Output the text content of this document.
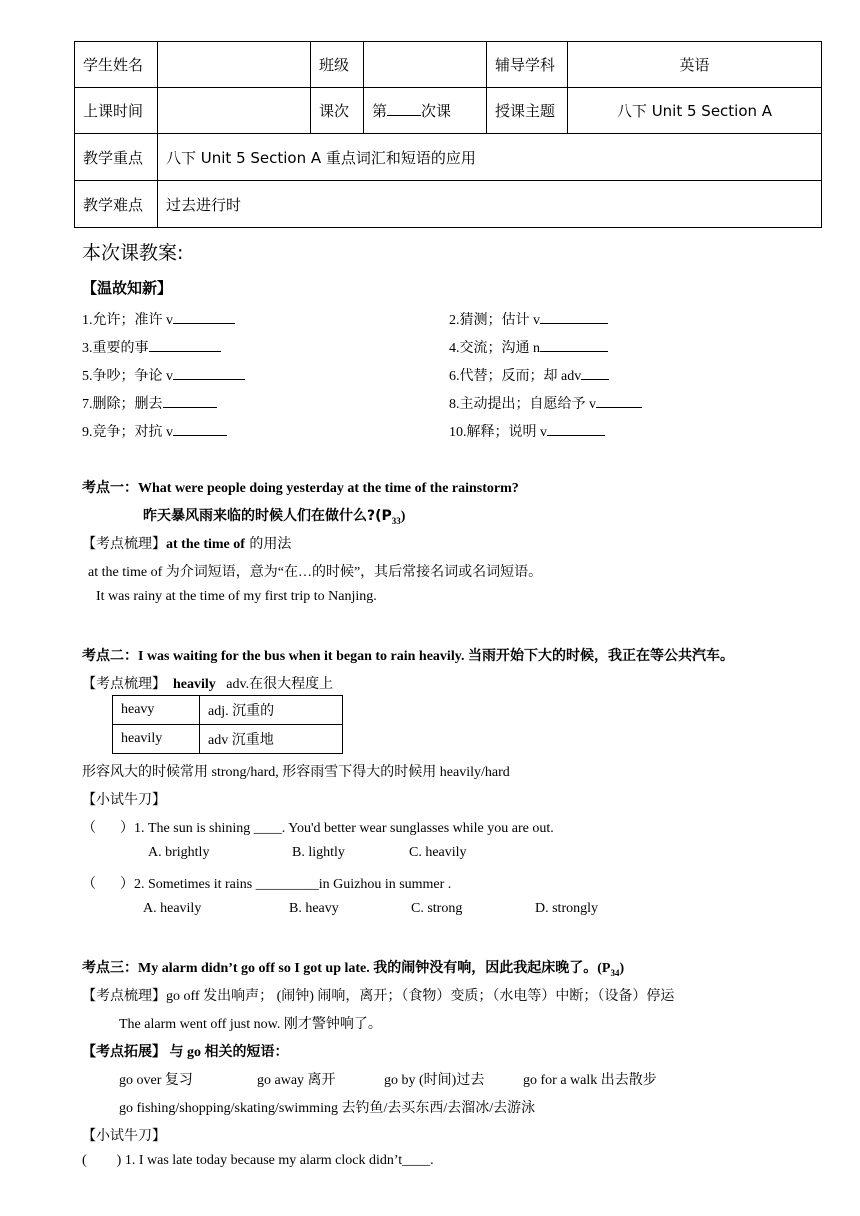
学生姓名		班级		辅导学科	英语
上课时间		课次	第 次课	授课主题	八下 Unit 5 Section A
教学重点	八下 Unit 5 Section A 重点词汇和短语的应用				
教学难点	过去进行时				
本次课教案:
【温故知新】
1.允许；准许 v	2.猜测；估计 v
3.重要的事	4.交流；沟通 n
5.争吵；争论 v	6.代替；反而；却 adv
7.删除；删去	8.主动提出；自愿给予 v
9.竞争；对抗 v	10.解释；说明 v
考点一：What were people doing yesterday at the time of the rainstorm?
昨天暴风雨来临的时候人们在做什么$?(P_{33})$
【考点梳理】at the time of 的用法
at the time of 为介词短语，意为“在…的时候”，其后常接名词或名词短语。
It was rainy at the time of my first trip to Nanjing.
考点二：I was waiting for the bus when it began to rain heavily. 当雨开始下大的时候，我正在等公共汽车。
【考点梳理】 heavily adv.在很大程度上
heavy	adj. 沉重的
heavily	adv 沉重地
形容风大的时候常用 strong/hard, 形容雨雪下得大的时候用 heavily/hard
【小试牛刀】
（ ）1. The sun is shining ____. You'd better wear sunglasses while you are out.
A. brightly	B. lightly	C. heavily
（ ）2. Sometimes it rains _________in Guizhou in summer .
A. heavily	B. heavy	C. strong	D. strongly
考点三：My alarm didn’t go off so I got up late. 我的闹钟没有响，因此我起床晚了。$(P_{34})$
【考点梳理】go off 发出响声； (闹钟) 闹响，离开；（食物）变质；（水电等）中断；（设备）停运
The alarm went off just now. 刚才警钟响了。
【考点拓展】 与 go 相关的短语：
go over 复习	go away 离开	go by (时间)过去	go for a walk 出去散步
go fishing/shopping/skating/swimming 去钓鱼/去买东西/去溜冰/去游泳
【小试牛刀】
( ) 1. I was late today because my alarm clock didn’t____.
